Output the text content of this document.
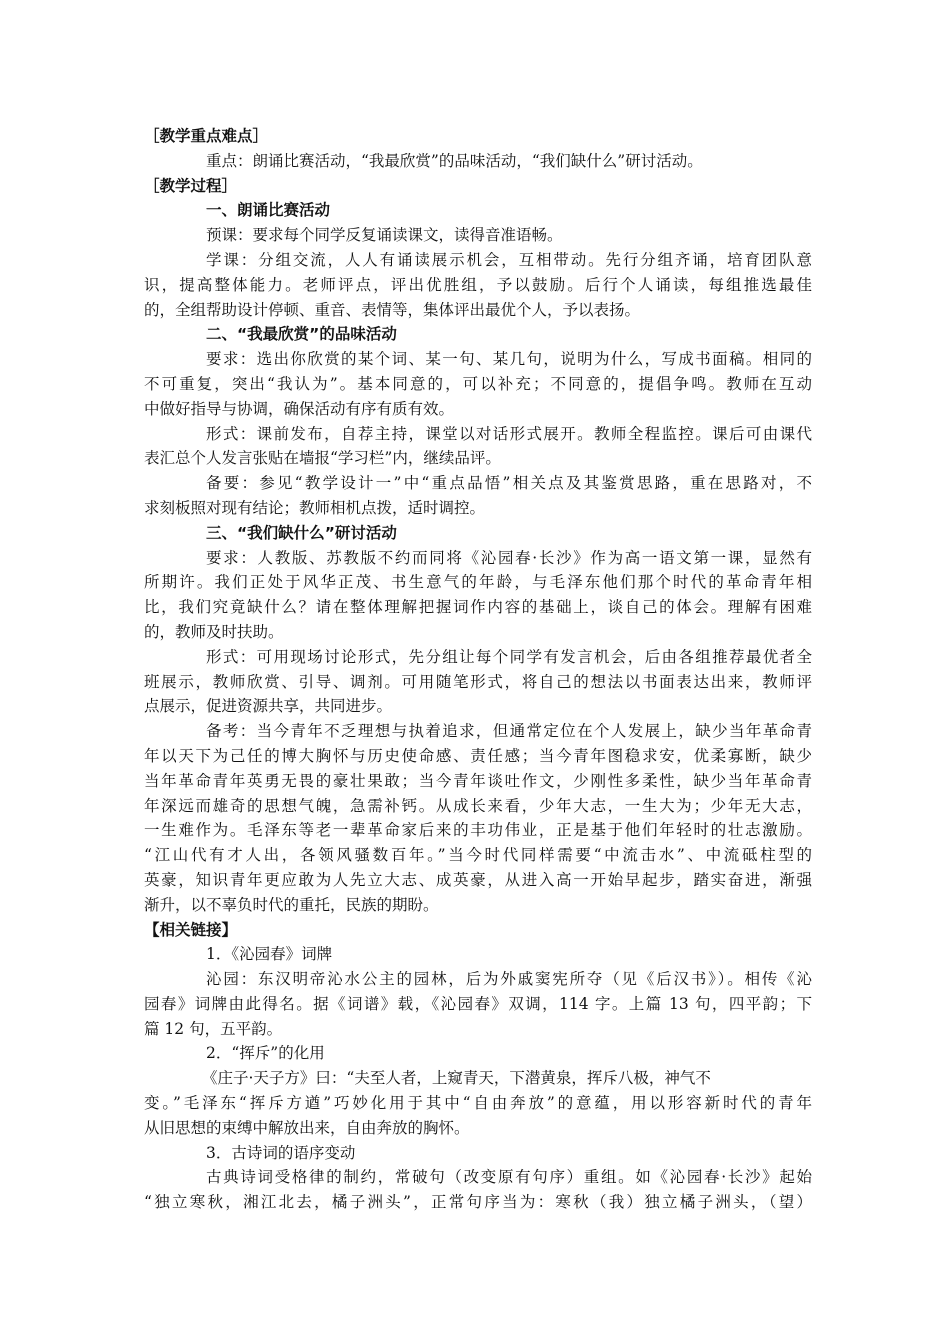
［教学重点难点］
重点：朗诵比赛活动，“我最欣赏”的品味活动，“我们缺什么”研讨活动。
［教学过程］
一、朗诵比赛活动
预课：要求每个同学反复诵读课文，读得音准语畅。
学课：分组交流，人人有诵读展示机会，互相带动。先行分组齐诵，培育团队意
识，提高整体能力。老师评点，评出优胜组，予以鼓励。后行个人诵读，每组推选最佳
的，全组帮助设计停顿、重音、表情等，集体评出最优个人，予以表扬。
二、“我最欣赏”的品味活动
要求：选出你欣赏的某个词、某一句、某几句，说明为什么，写成书面稿。相同的
不可重复，突出“我认为”。基本同意的，可以补充；不同意的，提倡争鸣。教师在互动
中做好指导与协调，确保活动有序有质有效。
形式：课前发布，自荐主持，课堂以对话形式展开。教师全程监控。课后可由课代
表汇总个人发言张贴在墙报“学习栏”内，继续品评。
备要：参见“教学设计一”中“重点品悟”相关点及其鉴赏思路，重在思路对，不
求刻板照对现有结论；教师相机点拨，适时调控。
三、“我们缺什么”研讨活动
要求：人教版、苏教版不约而同将《沁园春·长沙》作为高一语文第一课，显然有
所期许。我们正处于风华正茂、书生意气的年龄，与毛泽东他们那个时代的革命青年相
比，我们究竟缺什么？请在整体理解把握词作内容的基础上，谈自己的体会。理解有困难
的，教师及时扶助。
形式：可用现场讨论形式，先分组让每个同学有发言机会，后由各组推荐最优者全
班展示，教师欣赏、引导、调剂。可用随笔形式，将自己的想法以书面表达出来，教师评
点展示，促进资源共享，共同进步。
备考：当今青年不乏理想与执着追求，但通常定位在个人发展上，缺少当年革命青
年以天下为己任的博大胸怀与历史使命感、责任感；当今青年图稳求安，优柔寡断，缺少
当年革命青年英勇无畏的豪壮果敢；当今青年谈吐作文，少刚性多柔性，缺少当年革命青
年深远而雄奇的思想气魄，急需补钙。从成长来看，少年大志，一生大为；少年无大志，
一生难作为。毛泽东等老一辈革命家后来的丰功伟业，正是基于他们年轻时的壮志激励。
“江山代有才人出，各领风骚数百年。”当今时代同样需要“中流击水”、中流砥柱型的
英豪，知识青年更应敢为人先立大志、成英豪，从进入高一开始早起步，踏实奋进，渐强
渐升，以不辜负时代的重托，民族的期盼。
【相关链接】
1．《沁园春》词牌
沁园：东汉明帝沁水公主的园林，后为外戚窦宪所夺（见《后汉书》）。相传《沁
园春》词牌由此得名。据《词谱》载，《沁园春》双调，114 字。上篇 13 句，四平韵；下
篇 12 句，五平韵。
2．“挥斥”的化用
《庄子·天子方》曰：“夫至人者，上窥青天，下潜黄泉，挥斥八极，神气不
变。”毛泽东“挥斥方遒”巧妙化用于其中“自由奔放”的意蕴，用以形容新时代的青年
从旧思想的束缚中解放出来，自由奔放的胸怀。
3．古诗词的语序变动
古典诗词受格律的制约，常破句（改变原有句序）重组。如《沁园春·长沙》起始
“独立寒秋，湘江北去，橘子洲头”，正常句序当为：寒秋（我）独立橘子洲头，（望）
